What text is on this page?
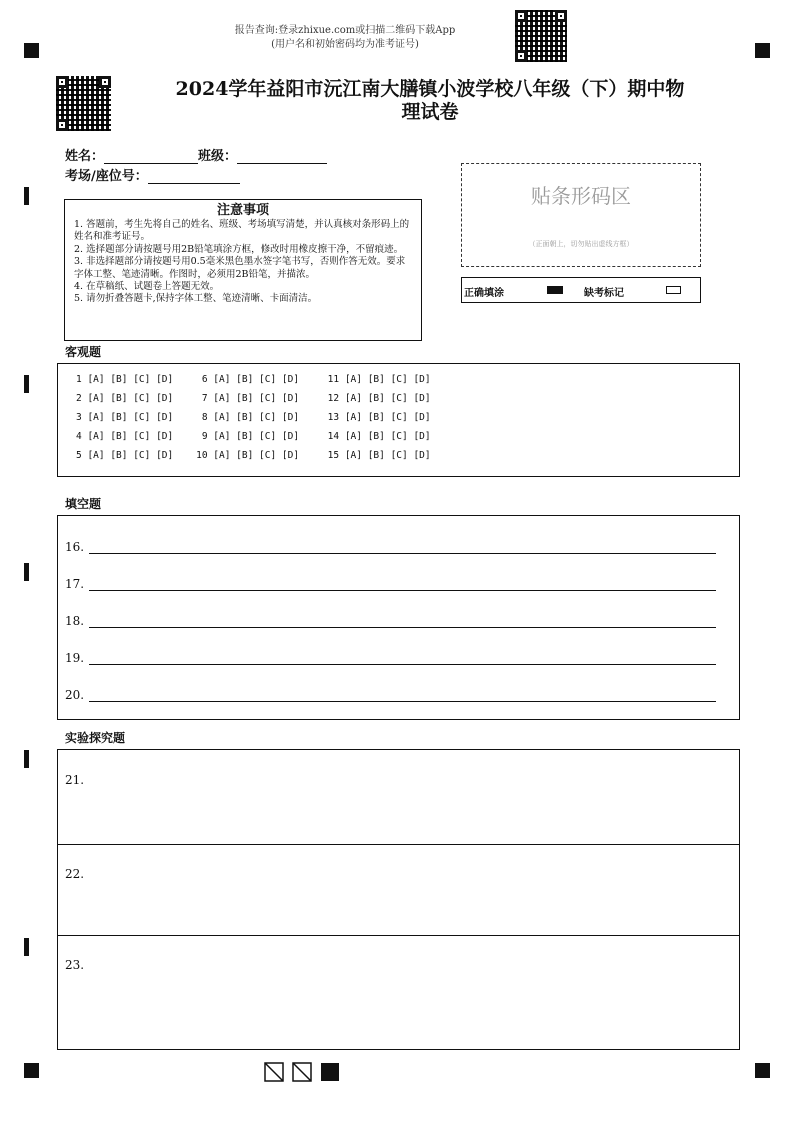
报告查询:登录zhixue.com或扫描二维码下载App
(用户名和初始密码均为准考证号)
2024学年益阳市沅江南大膳镇小波学校八年级（下）期中物
理试卷
姓名：	班级：
考场/座位号：
注意事项

1. 答题前，考生先将自己的姓名、班级、考场填写清楚，并认真核对条形码上的姓名和准考证号。

2. 选择题部分请按题号用2B铅笔填涂方框，修改时用橡皮擦干净，不留痕迹。

3. 非选择题部分请按题号用0.5毫米黑色墨水签字笔书写，否则作答无效。要求字体工整、笔迹清晰。作图时，必须用2B铅笔，并描浓。

4. 在草稿纸、试题卷上答题无效。

5. 请勿折叠答题卡,保持字体工整、笔迹清晰、卡面清洁。

贴条形码区
（正面朝上，切勿贴出虚线方框）
正确填涂	缺考标记
客观题
1 [A] [B] [C] [D]     6 [A] [B] [C] [D]     11 [A] [B] [C] [D]
2 [A] [B] [C] [D]     7 [A] [B] [C] [D]     12 [A] [B] [C] [D]
3 [A] [B] [C] [D]     8 [A] [B] [C] [D]     13 [A] [B] [C] [D]
4 [A] [B] [C] [D]     9 [A] [B] [C] [D]     14 [A] [B] [C] [D]
5 [A] [B] [C] [D]    10 [A] [B] [C] [D]     15 [A] [B] [C] [D]
填空题
16.
17.
18.
19.
20.
实验探究题
21.
22.
23.
